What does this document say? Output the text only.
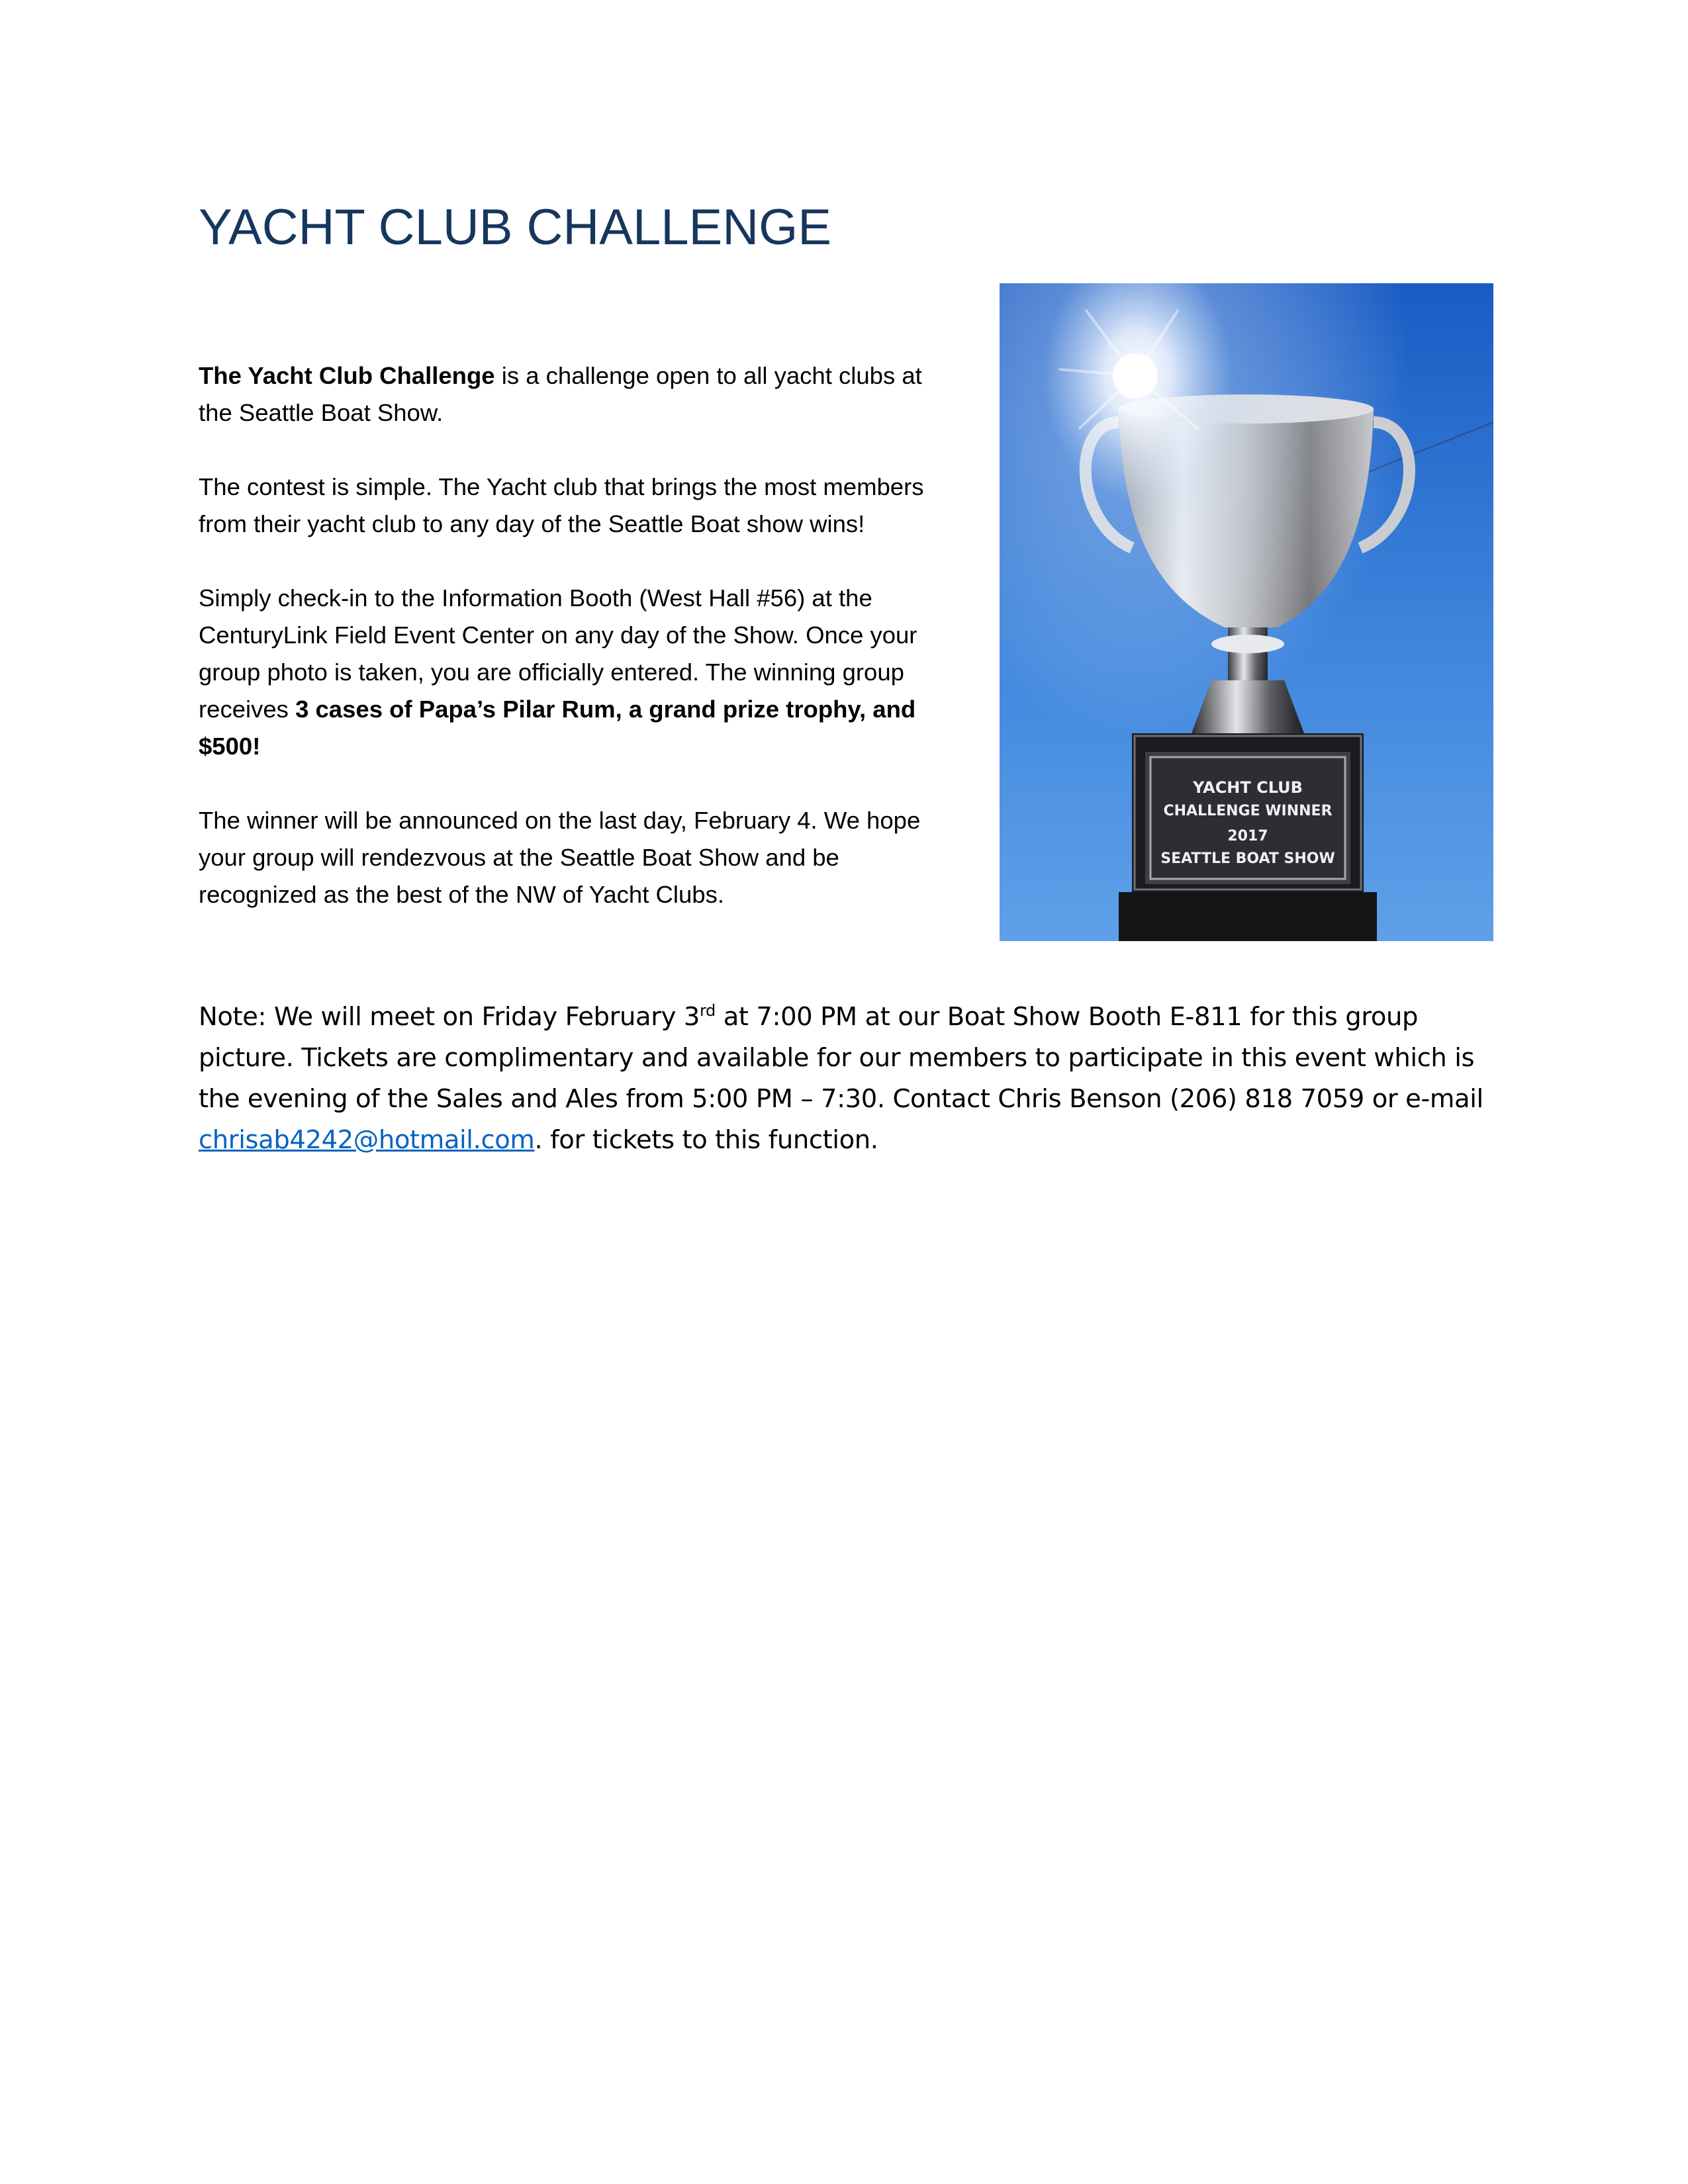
YACHT CLUB CHALLENGE

The Yacht Club Challenge is a challenge open to all yacht clubs at the Seattle Boat Show.

The contest is simple. The Yacht club that brings the most members from their yacht club to any day of the Seattle Boat show wins!

Simply check-in to the Information Booth (West Hall #56) at the CenturyLink Field Event Center on any day of the Show. Once your group photo is taken, you are officially entered. The winning group receives 3 cases of Papa’s Pilar Rum, a grand prize trophy, and $500!

The winner will be announced on the last day, February 4. We hope your group will rendezvous at the Seattle Boat Show and be recognized as the best of the NW of Yacht Clubs.

Note: We will meet on Friday February 3rd at 7:00 PM at our Boat Show Booth E-811 for this group picture. Tickets are complimentary and available for our members to participate in this event which is the evening of the Sales and Ales from 5:00 PM – 7:30. Contact Chris Benson (206) 818 7059 or e-mail chrisab4242@hotmail.com. for tickets to this function.
